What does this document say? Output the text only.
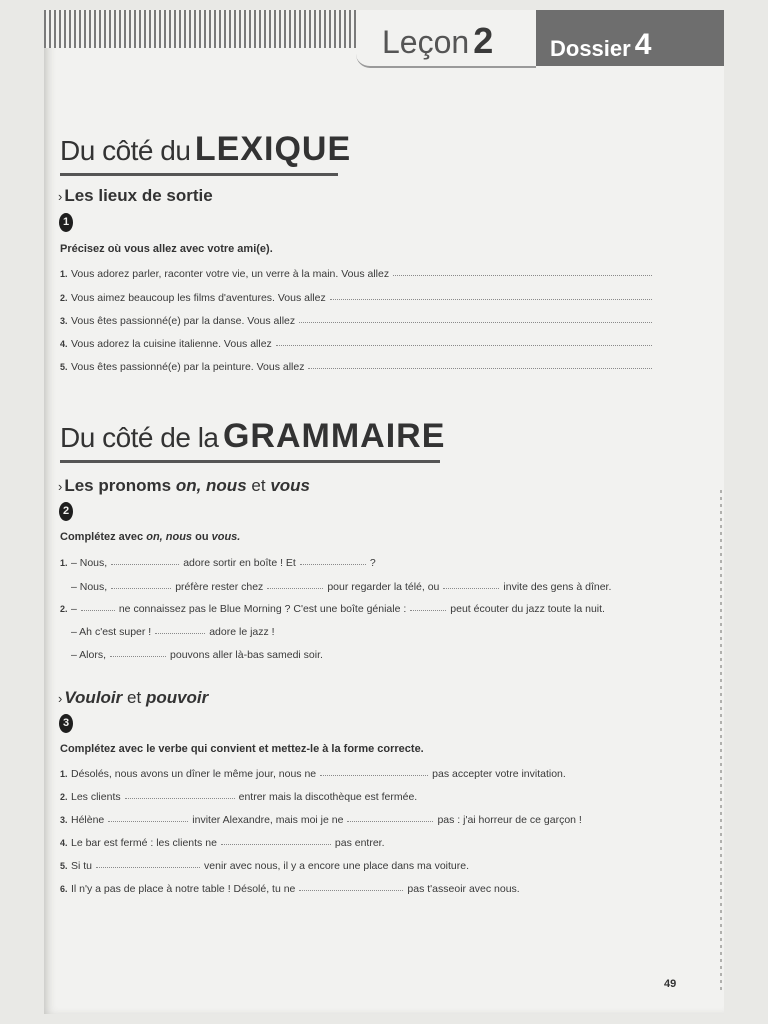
Leçon 2	Dossier 4
Du côté du LEXIQUE
› Les lieux de sortie
1
Précisez où vous allez avec votre ami(e).
1. Vous adorez parler, raconter votre vie, un verre à la main. Vous allez
2. Vous aimez beaucoup les films d'aventures. Vous allez
3. Vous êtes passionné(e) par la danse. Vous allez
4. Vous adorez la cuisine italienne. Vous allez
5. Vous êtes passionné(e) par la peinture. Vous allez
Du côté de la GRAMMAIRE
› Les pronoms on, nous et vous
2
Complétez avec on, nous ou vous.
1. – Nous,	adore sortir en boîte ! Et	?
– Nous,	préfère rester chez	pour regarder la télé, ou	invite des gens à dîner.
2. –	ne connaissez pas le Blue Morning ? C'est une boîte géniale :	peut écouter du jazz toute la nuit.
– Ah c'est super !	adore le jazz !
– Alors,	pouvons aller là-bas samedi soir.
› Vouloir et pouvoir
3
Complétez avec le verbe qui convient et mettez-le à la forme correcte.
1. Désolés, nous avons un dîner le même jour, nous ne	pas accepter votre invitation.
2. Les clients	entrer mais la discothèque est fermée.
3. Hélène	inviter Alexandre, mais moi je ne	pas : j'ai horreur de ce garçon !
4. Le bar est fermé : les clients ne	pas entrer.
5. Si tu	venir avec nous, il y a encore une place dans ma voiture.
6. Il n'y a pas de place à notre table ! Désolé, tu ne	pas t'asseoir avec nous.
49
